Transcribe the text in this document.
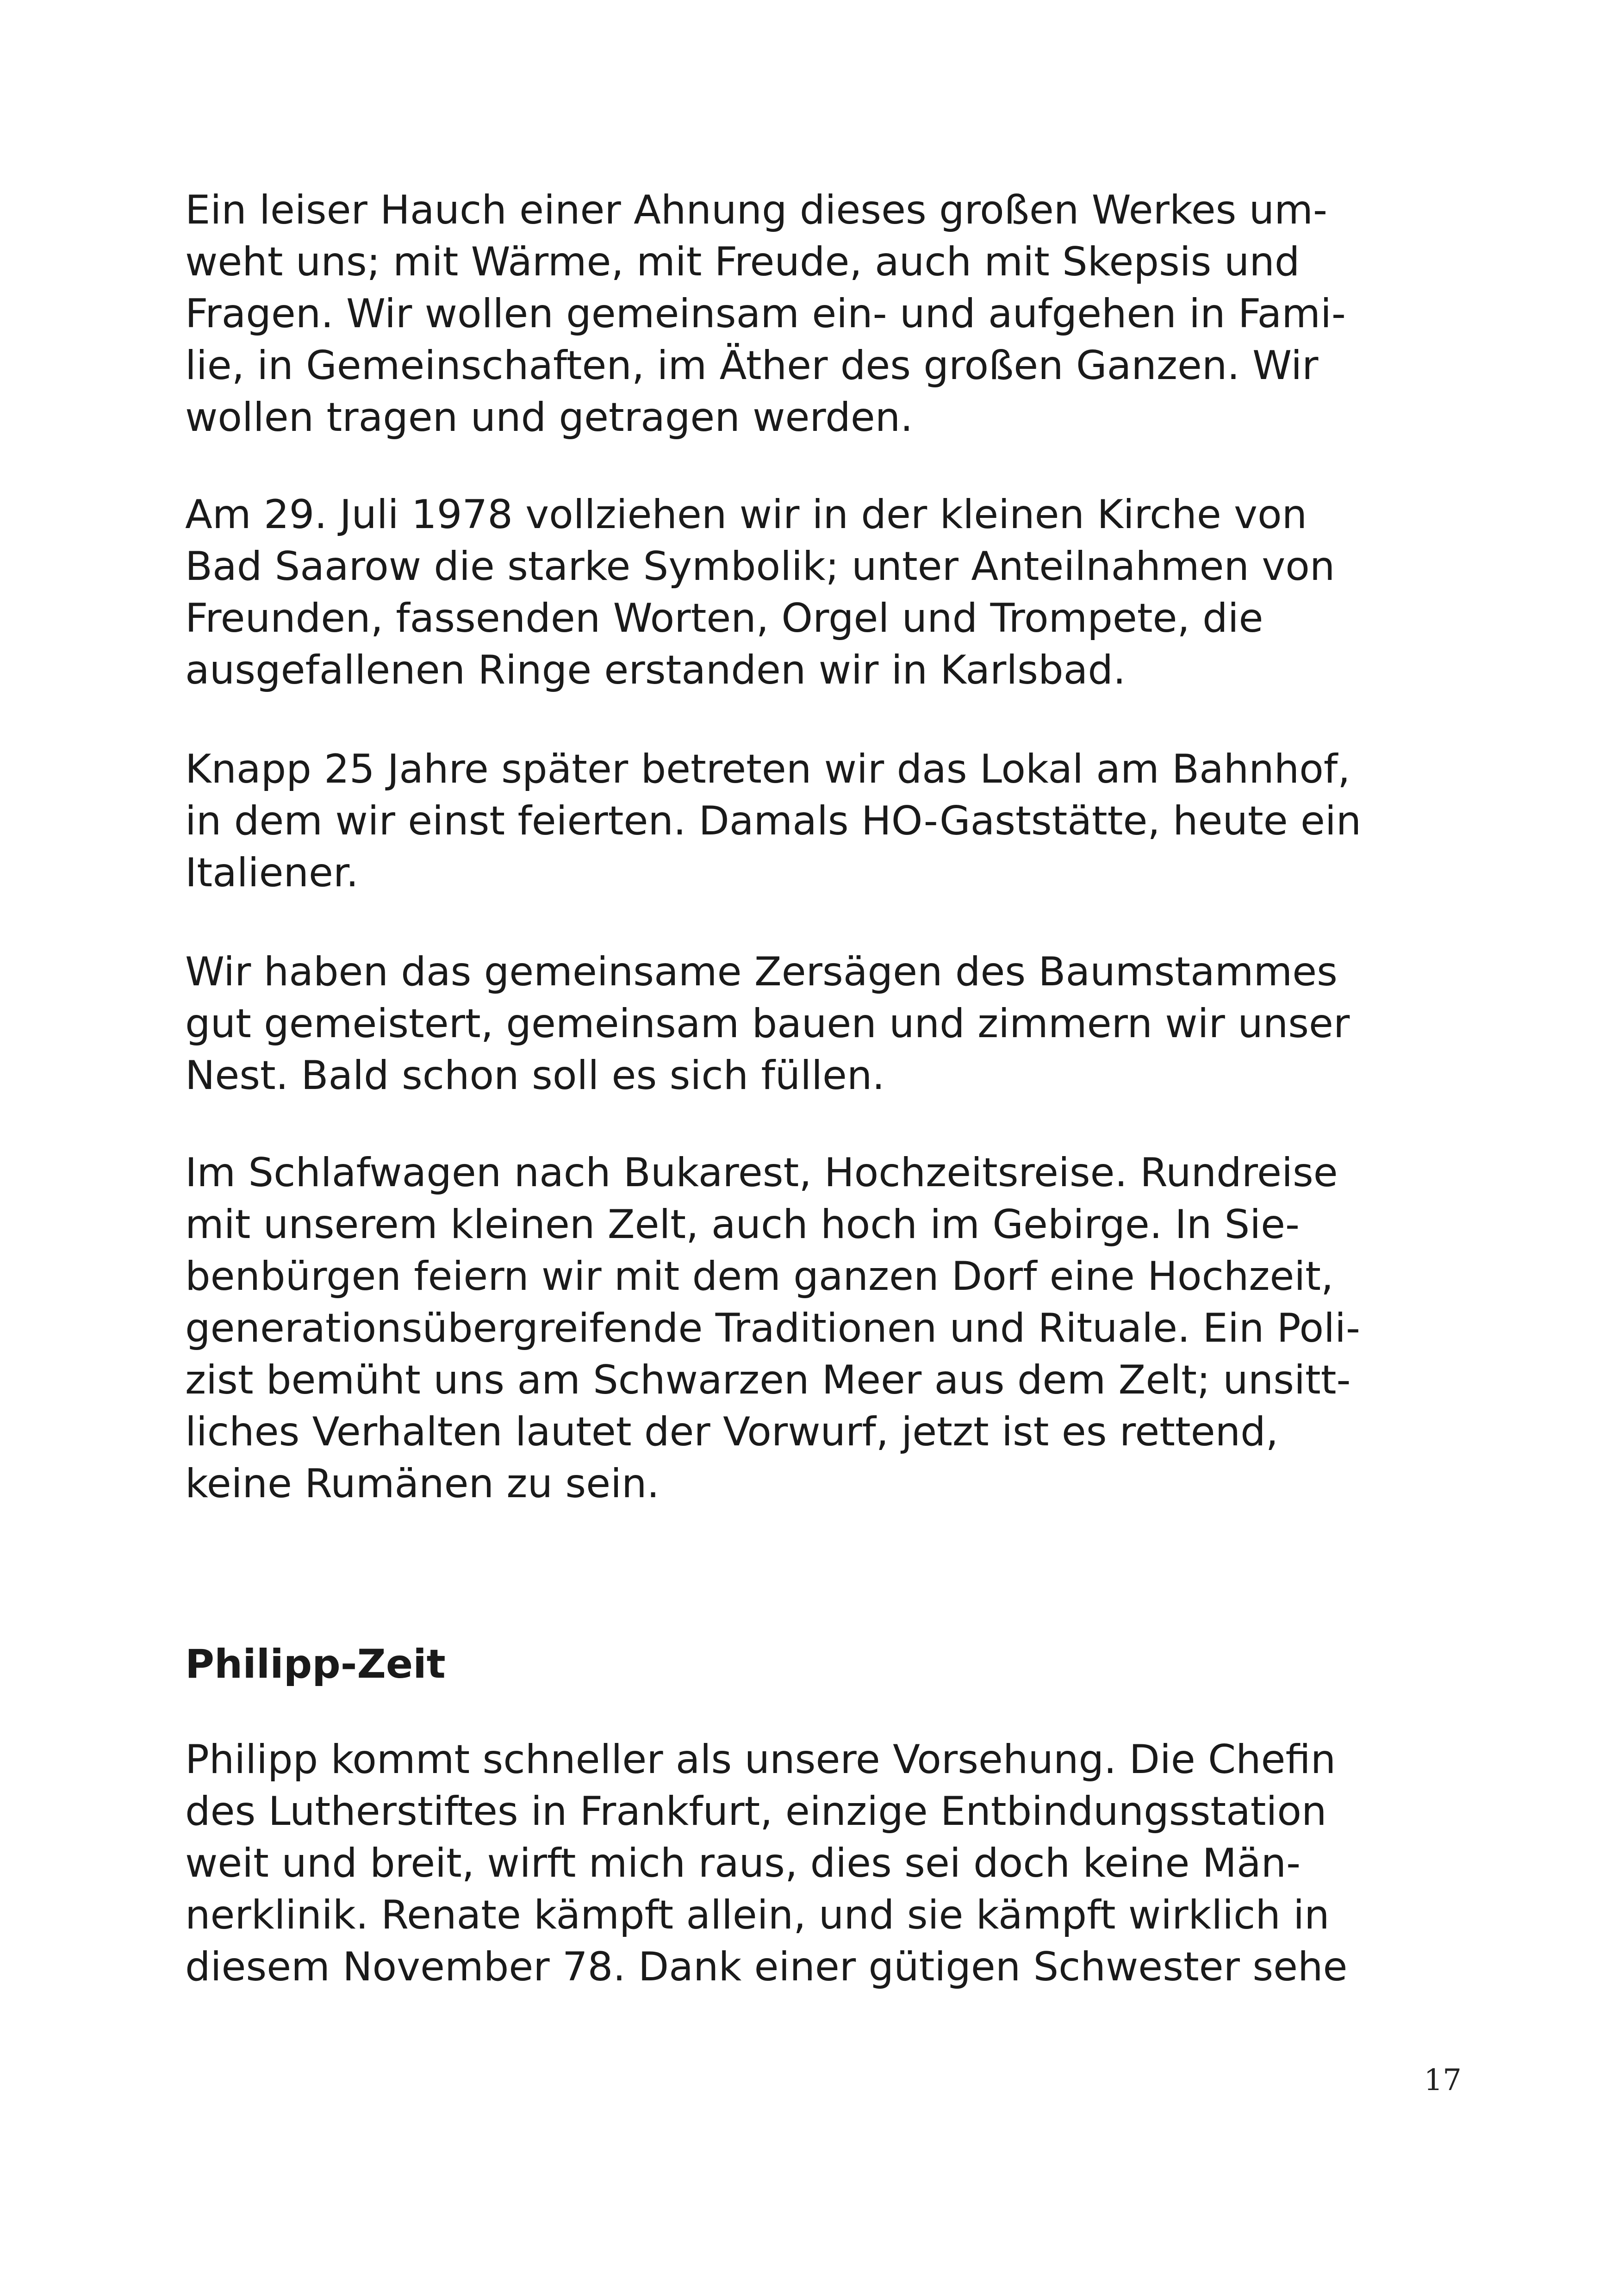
Ein leiser Hauch einer Ahnung dieses großen Werkes um-
weht uns; mit Wärme, mit Freude, auch mit Skepsis und
Fragen. Wir wollen gemeinsam ein- und aufgehen in Fami-
lie, in Gemeinschaften, im Äther des großen Ganzen. Wir
wollen tragen und getragen werden.
Am 29. Juli 1978 vollziehen wir in der kleinen Kirche von
Bad Saarow die starke Symbolik; unter Anteilnahmen von
Freunden, fassenden Worten, Orgel und Trompete, die
ausgefallenen Ringe erstanden wir in Karlsbad.
Knapp 25 Jahre später betreten wir das Lokal am Bahnhof,
in dem wir einst feierten. Damals HO-Gaststätte, heute ein
Italiener.
Wir haben das gemeinsame Zersägen des Baumstammes
gut gemeistert, gemeinsam bauen und zimmern wir unser
Nest. Bald schon soll es sich füllen.
Im Schlafwagen nach Bukarest, Hochzeitsreise. Rundreise
mit unserem kleinen Zelt, auch hoch im Gebirge. In Sie-
benbürgen feiern wir mit dem ganzen Dorf eine Hochzeit,
generationsübergreifende Traditionen und Rituale. Ein Poli-
zist bemüht uns am Schwarzen Meer aus dem Zelt; unsitt-
liches Verhalten lautet der Vorwurf, jetzt ist es rettend,
keine Rumänen zu sein.
Philipp-Zeit
Philipp kommt schneller als unsere Vorsehung. Die Chefin
des Lutherstiftes in Frankfurt, einzige Entbindungsstation
weit und breit, wirft mich raus, dies sei doch keine Män-
nerklinik. Renate kämpft allein, und sie kämpft wirklich in
diesem November 78. Dank einer gütigen Schwester sehe
17
